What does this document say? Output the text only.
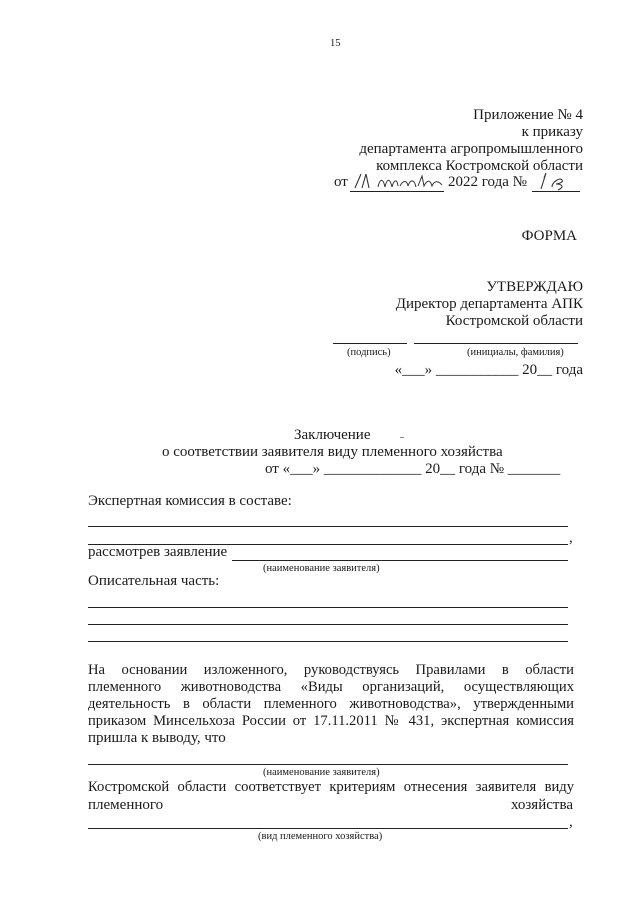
15
Приложение № 4
к приказу
департамента агропромышленного
комплекса Костромской области
от	2022 года №
ФОРМА
УТВЕРЖДАЮ
Директор департамента АПК
Костромской области
(подпись)	(инициалы, фамилия)
«___» ___________ 20__ года
Заключение
о соответствии заявителя виду племенного хозяйства
от «___» _____________ 20__ года № _______
Экспертная комиссия в составе:
,
рассмотрев заявление
(наименование заявителя)
Описательная часть:
На основании изложенного, руководствуясь Правилами в области
племенного животноводства «Виды организаций, осуществляющих
деятельность в области племенного животноводства», утвержденными
приказом Минсельхоза России от 17.11.2011 № 431, экспертная комиссия
пришла к выводу, что
(наименование заявителя)
Костромской области соответствует критериям отнесения заявителя виду
племенного	хозяйства
,
(вид племенного хозяйства)
